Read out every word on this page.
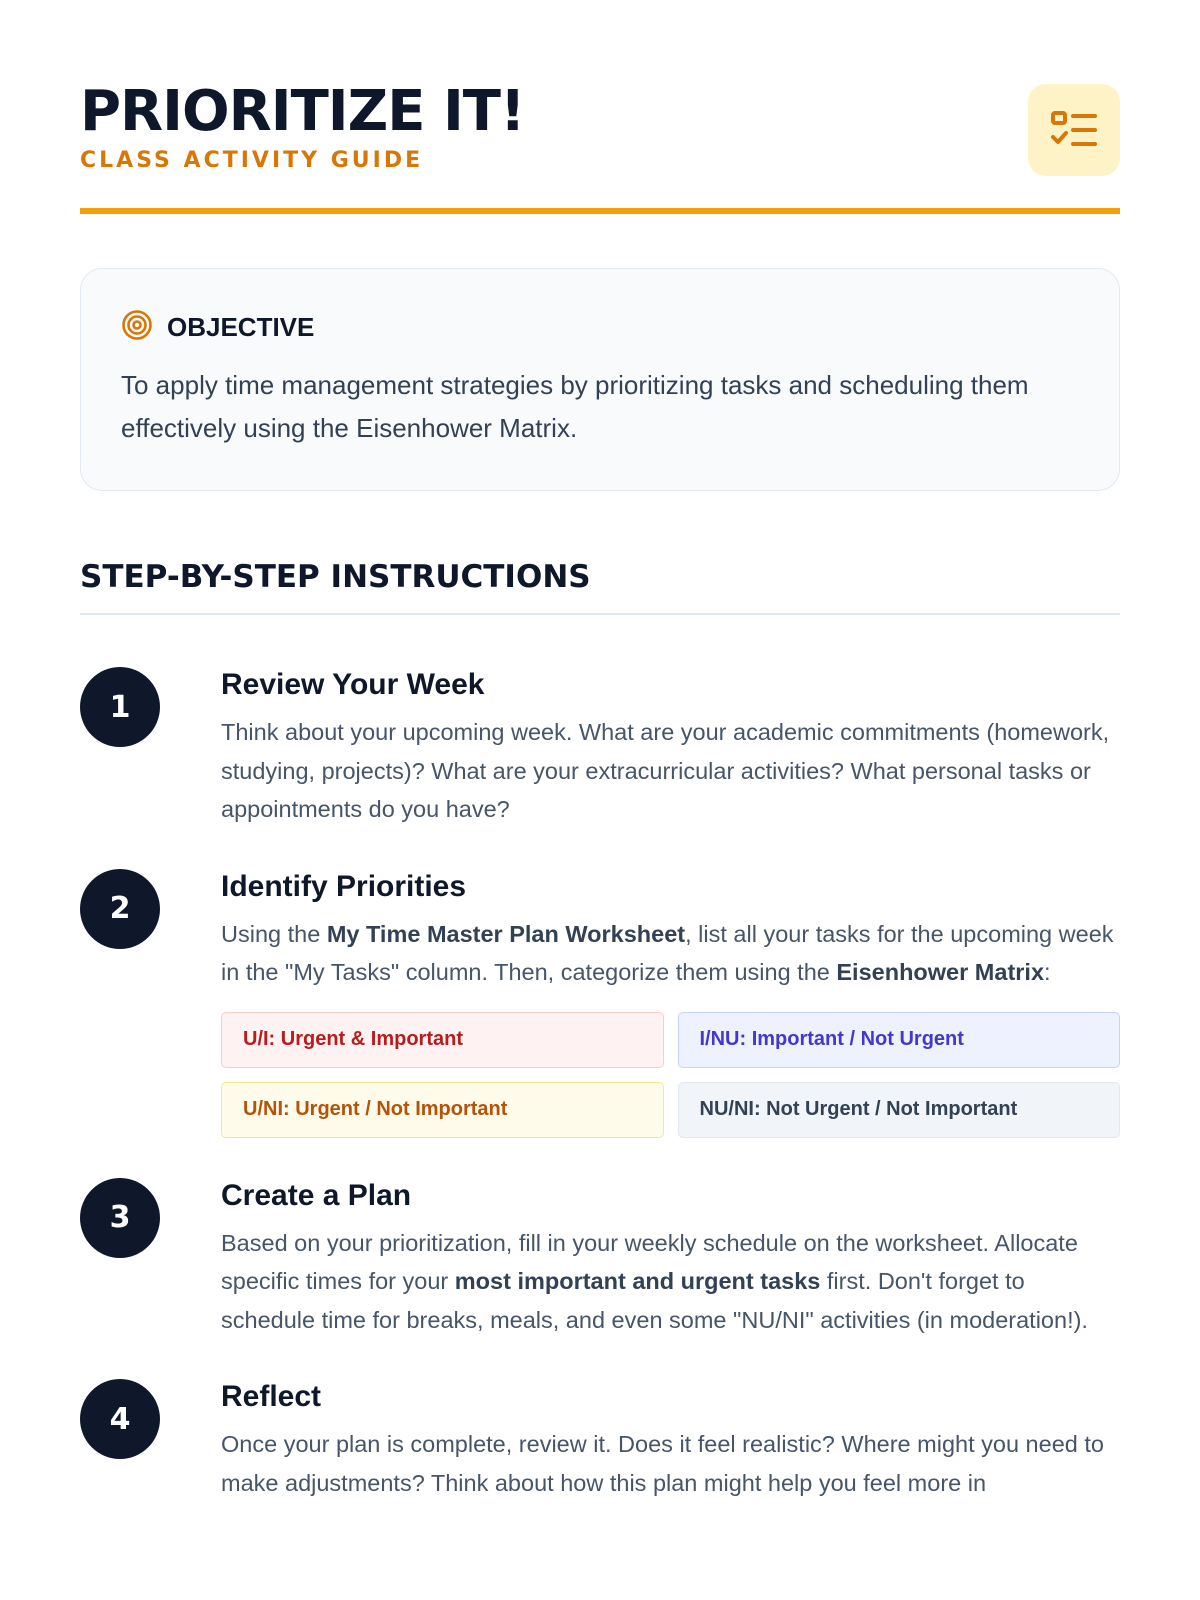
PRIORITIZE IT!
CLASS ACTIVITY GUIDE
OBJECTIVE
To apply time management strategies by prioritizing tasks and scheduling them effectively using the Eisenhower Matrix.
STEP-BY-STEP INSTRUCTIONS
1
Review Your Week
Think about your upcoming week. What are your academic commitments (homework, studying, projects)? What are your extracurricular activities? What personal tasks or appointments do you have?
2
Identify Priorities
Using the My Time Master Plan Worksheet, list all your tasks for the upcoming week in the "My Tasks" column. Then, categorize them using the Eisenhower Matrix:
U/I: Urgent & Important	I/NU: Important / Not Urgent
U/NI: Urgent / Not Important	NU/NI: Not Urgent / Not Important
3
Create a Plan
Based on your prioritization, fill in your weekly schedule on the worksheet. Allocate specific times for your most important and urgent tasks first. Don't forget to schedule time for breaks, meals, and even some "NU/NI" activities (in moderation!).
4
Reflect
Once your plan is complete, review it. Does it feel realistic? Where might you need to make adjustments? Think about how this plan might help you feel more in
